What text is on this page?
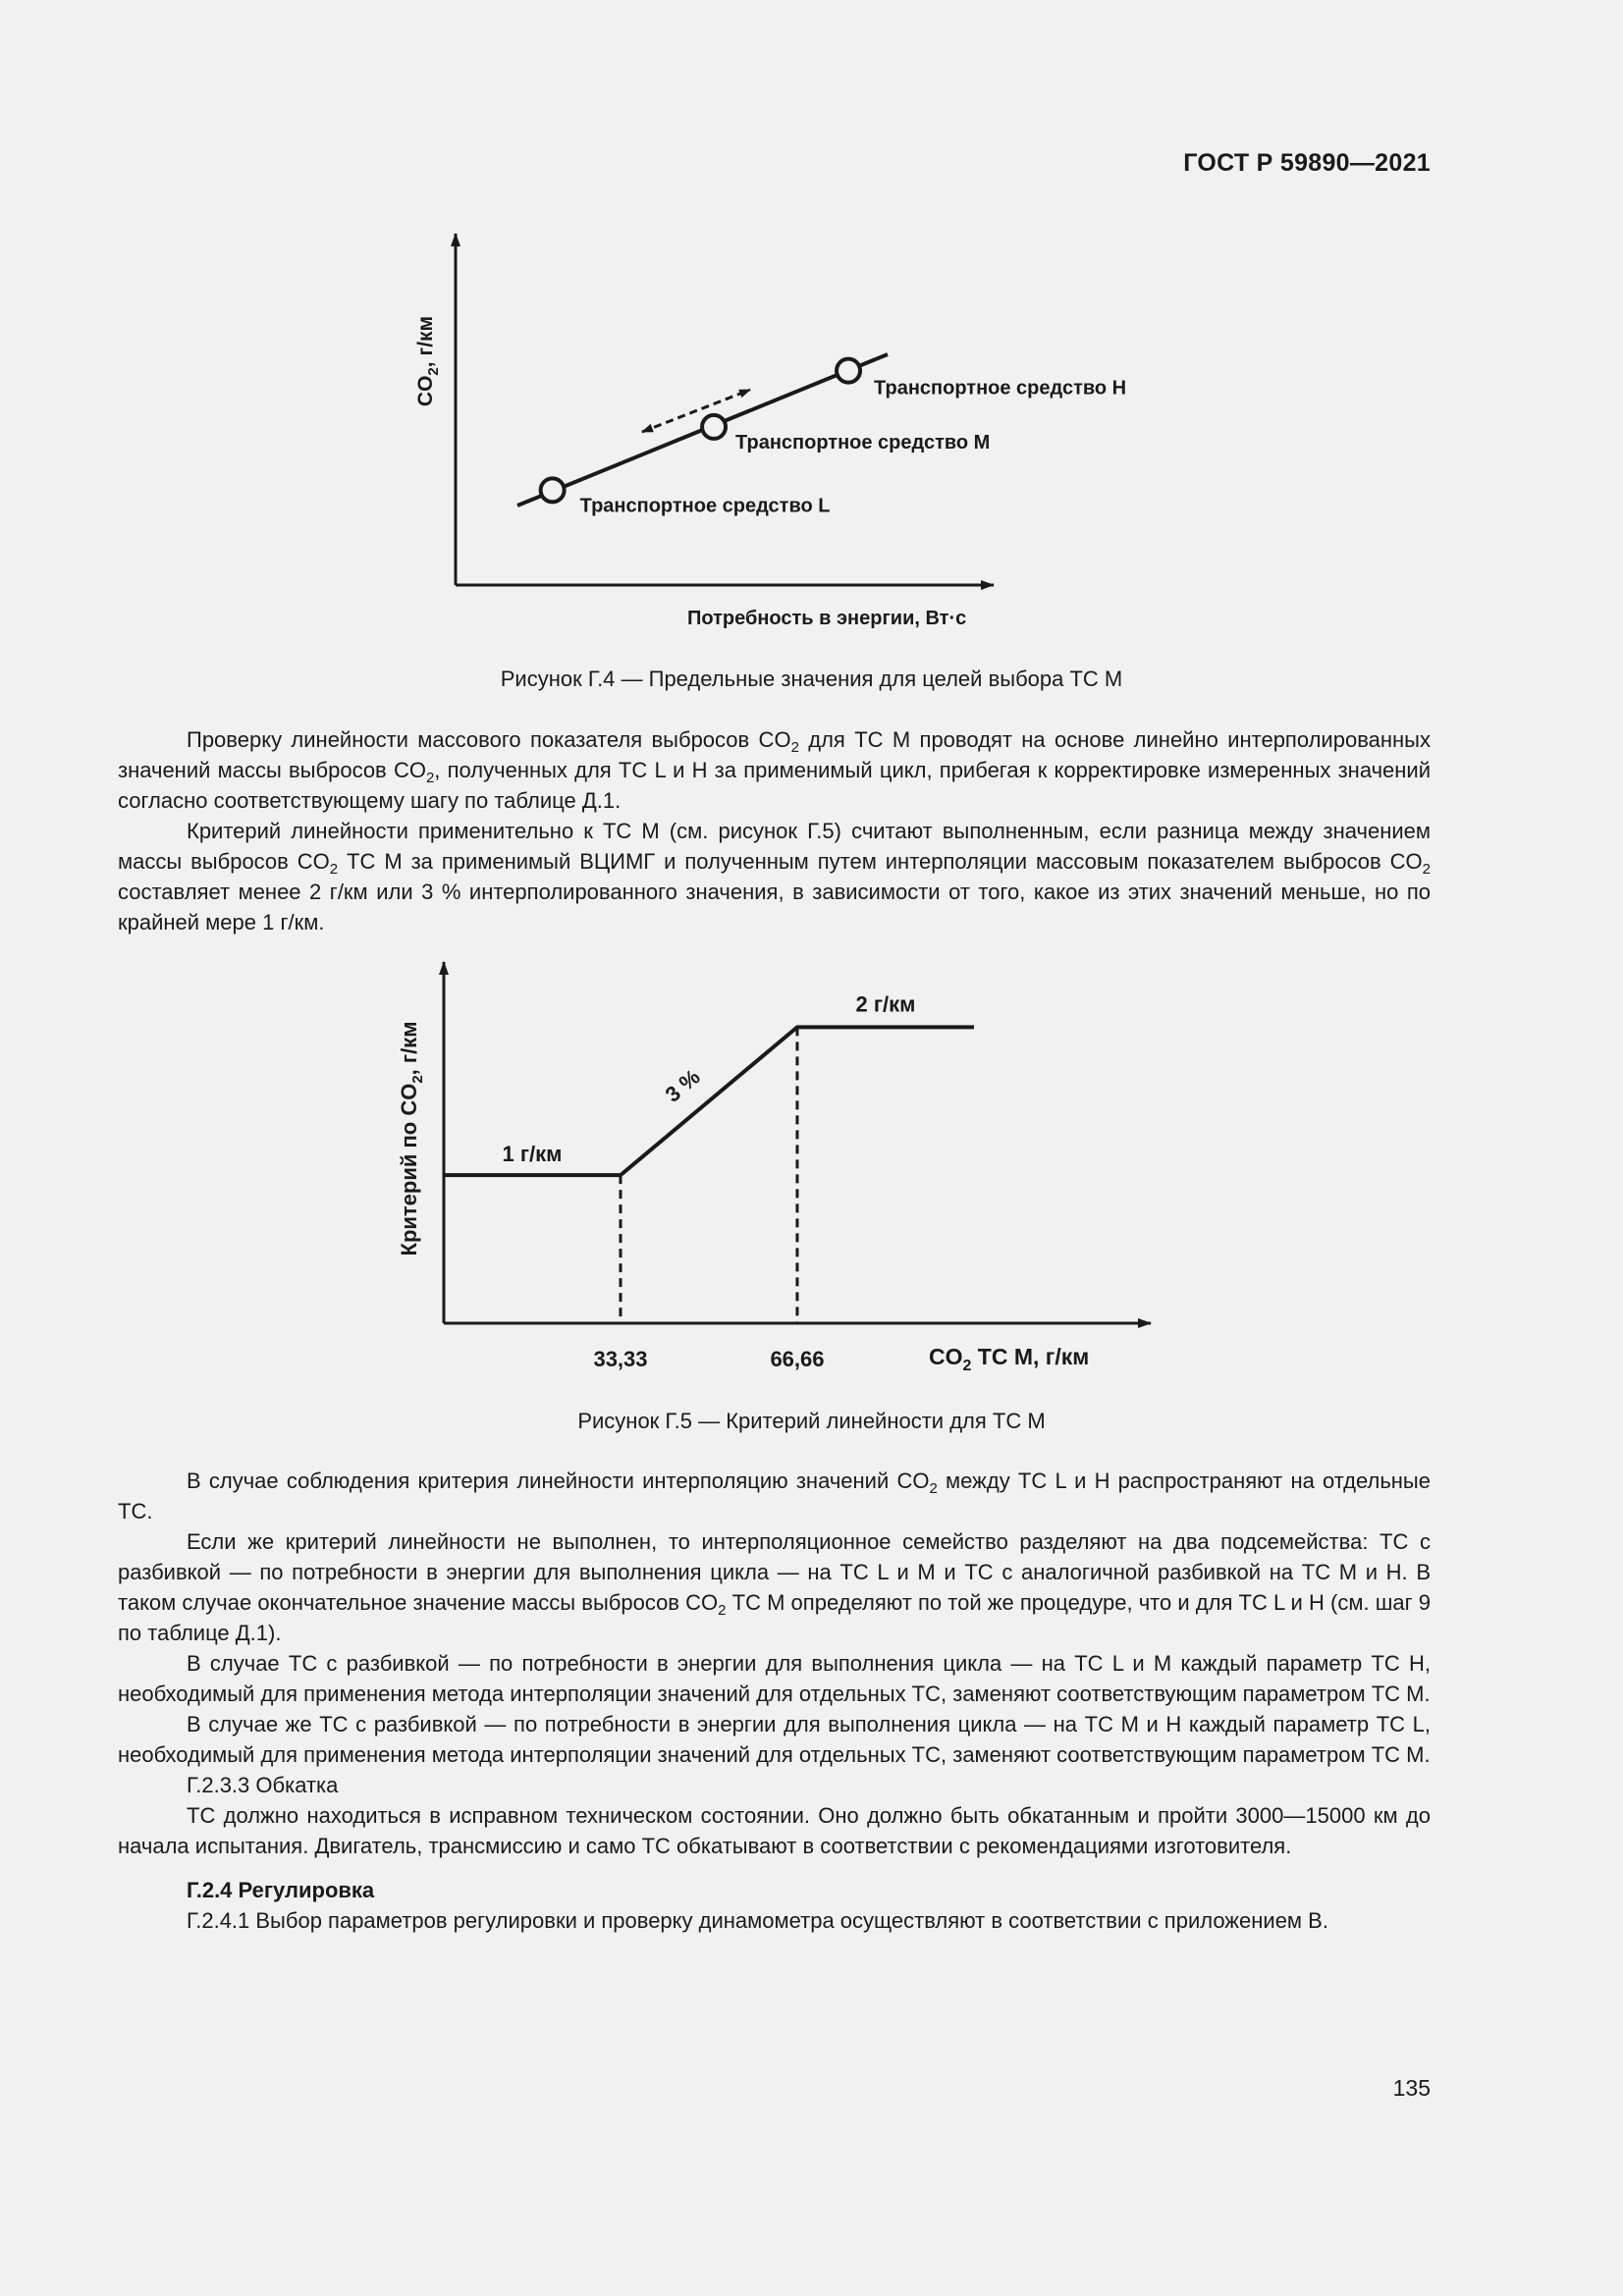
ГОСТ Р 59890—2021
$CO_2$, г/км
Потребность в энергии, Вт·с
Транспортное средство L
Транспортное средство M
Транспортное средство H
Рисунок Г.4 — Предельные значения для целей выбора ТС М

Проверку линейности массового показателя выбросов $CO_2$ для ТС М проводят на основе линейно интерполированных значений массы выбросов $CO_2$, полученных для ТС L и H за применимый цикл, прибегая к корректировке измеренных значений согласно соответствующему шагу по таблице Д.1.

Критерий линейности применительно к ТС М (см. рисунок Г.5) считают выполненным, если разница между значением массы выбросов $CO_2$ ТС М за применимый ВЦИМГ и полученным путем интерполяции массовым показателем выбросов $CO_2$ составляет менее 2 г/км или 3 % интерполированного значения, в зависимости от того, какое из этих значений меньше, но по крайней мере 1 г/км.

Критерий по $CO_2$, г/км
33,33	66,66
1 г/км
2 г/км
3 %
$CO_2$ ТС М, г/км
Рисунок Г.5 — Критерий линейности для ТС М

В случае соблюдения критерия линейности интерполяцию значений $CO_2$ между ТС L и H распространяют на отдельные ТС.

Если же критерий линейности не выполнен, то интерполяционное семейство разделяют на два подсемейства: ТС с разбивкой — по потребности в энергии для выполнения цикла — на ТС L и М и ТС с аналогичной разбивкой на ТС М и H. В таком случае окончательное значение массы выбросов $CO_2$ ТС М определяют по той же процедуре, что и для ТС L и H (см. шаг 9 по таблице Д.1).

В случае ТС с разбивкой — по потребности в энергии для выполнения цикла — на ТС L и М каждый параметр ТС H, необходимый для применения метода интерполяции значений для отдельных ТС, заменяют соответствующим параметром ТС М.

В случае же ТС с разбивкой — по потребности в энергии для выполнения цикла — на ТС М и H каждый параметр ТС L, необходимый для применения метода интерполяции значений для отдельных ТС, заменяют соответствующим параметром ТС М.

Г.2.3.3 Обкатка

ТС должно находиться в исправном техническом состоянии. Оно должно быть обкатанным и пройти 3000—15000 км до начала испытания. Двигатель, трансмиссию и само ТС обкатывают в соответствии с рекомендациями изготовителя.

Г.2.4 Регулировка

Г.2.4.1 Выбор параметров регулировки и проверку динамометра осуществляют в соответствии с приложением В.

135
